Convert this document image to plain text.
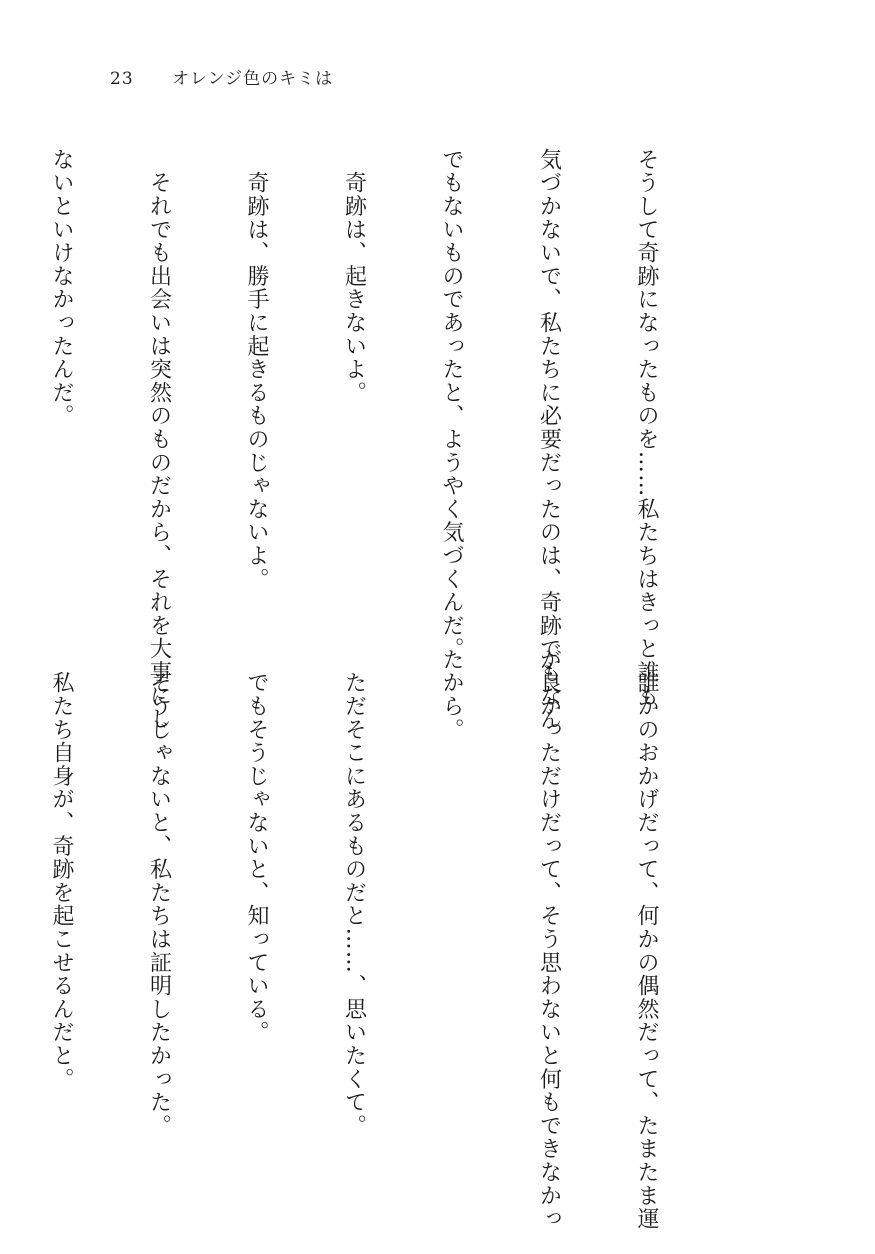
23 オレンジ色のキミは

そうして奇跡になったものを……私たちはきっと誰も

気づかないで、私たちに必要だったのは、奇跡でもなん

でもないものであったと、ようやく気づくんだ。

　奇跡は、起きないよ。

　奇跡は、勝手に起きるものじゃないよ。

　それでも出会いは突然のものだから、それを大事にし

ないといけなかったんだ。

　誰かのおかげだって、何かの偶然だって、たまたま運

が良かっただけだって、そう思わないと何もできなかっ

たから。

　ただそこにあるものだと……、思いたくて。

　でもそうじゃないと、知っている。

　そうじゃないと、私たちは証明したかった。

　私たち自身が、奇跡を起こせるんだと。
